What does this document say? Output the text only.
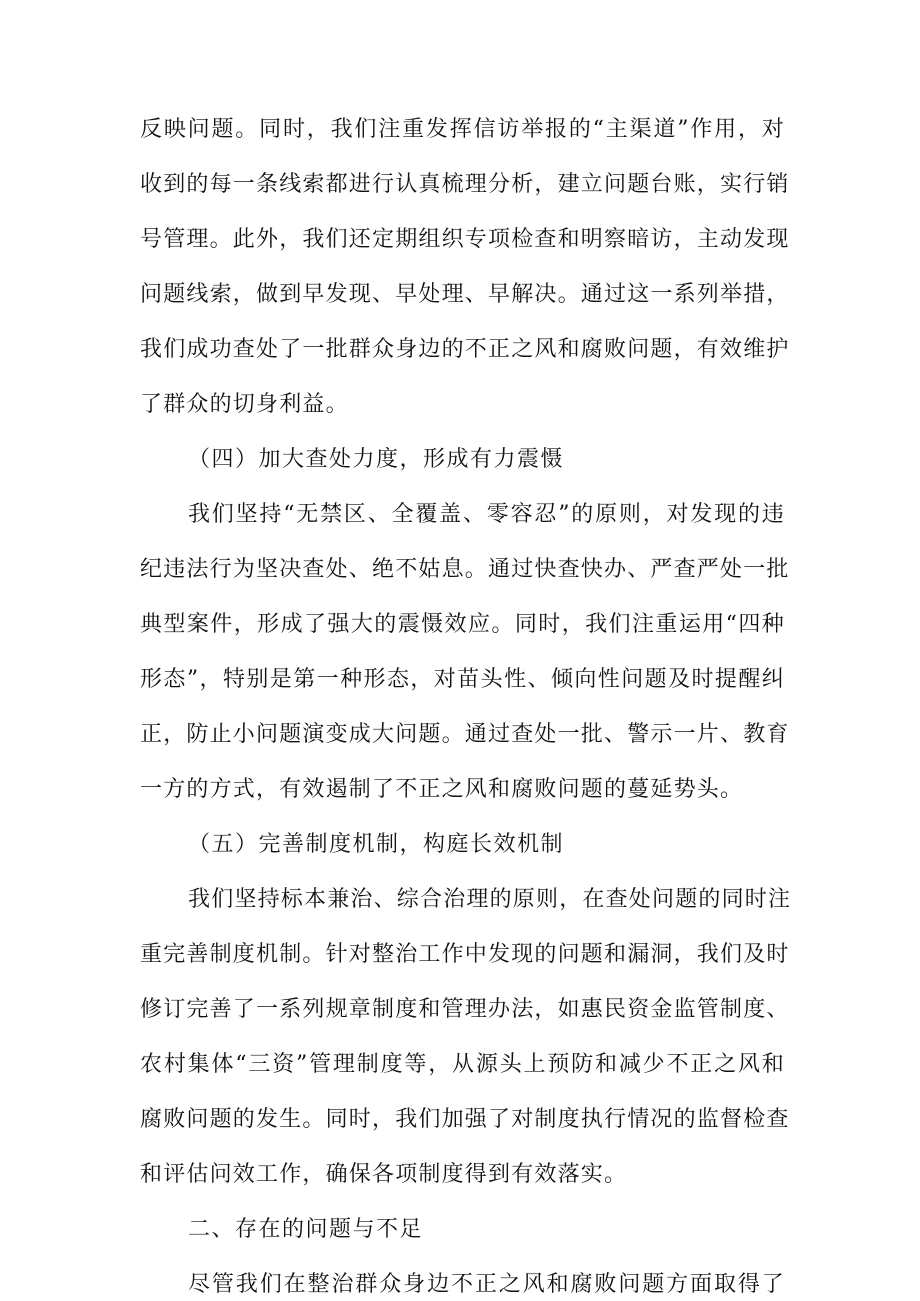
反映问题。同时，我们注重发挥信访举报的“主渠道”作用，对
收到的每一条线索都进行认真梳理分析，建立问题台账，实行销
号管理。此外，我们还定期组织专项检查和明察暗访，主动发现
问题线索，做到早发现、早处理、早解决。通过这一系列举措，
我们成功查处了一批群众身边的不正之风和腐败问题，有效维护
了群众的切身利益。
（四）加大查处力度，形成有力震慑
我们坚持“无禁区、全覆盖、零容忍”的原则，对发现的违
纪违法行为坚决查处、绝不姑息。通过快查快办、严查严处一批
典型案件，形成了强大的震慑效应。同时，我们注重运用“四种
形态”，特别是第一种形态，对苗头性、倾向性问题及时提醒纠
正，防止小问题演变成大问题。通过查处一批、警示一片、教育
一方的方式，有效遏制了不正之风和腐败问题的蔓延势头。
（五）完善制度机制，构庭长效机制
我们坚持标本兼治、综合治理的原则，在查处问题的同时注
重完善制度机制。针对整治工作中发现的问题和漏洞，我们及时
修订完善了一系列规章制度和管理办法，如惠民资金监管制度、
农村集体“三资”管理制度等，从源头上预防和减少不正之风和
腐败问题的发生。同时，我们加强了对制度执行情况的监督检查
和评估问效工作，确保各项制度得到有效落实。
二、存在的问题与不足
尽管我们在整治群众身边不正之风和腐败问题方面取得了
